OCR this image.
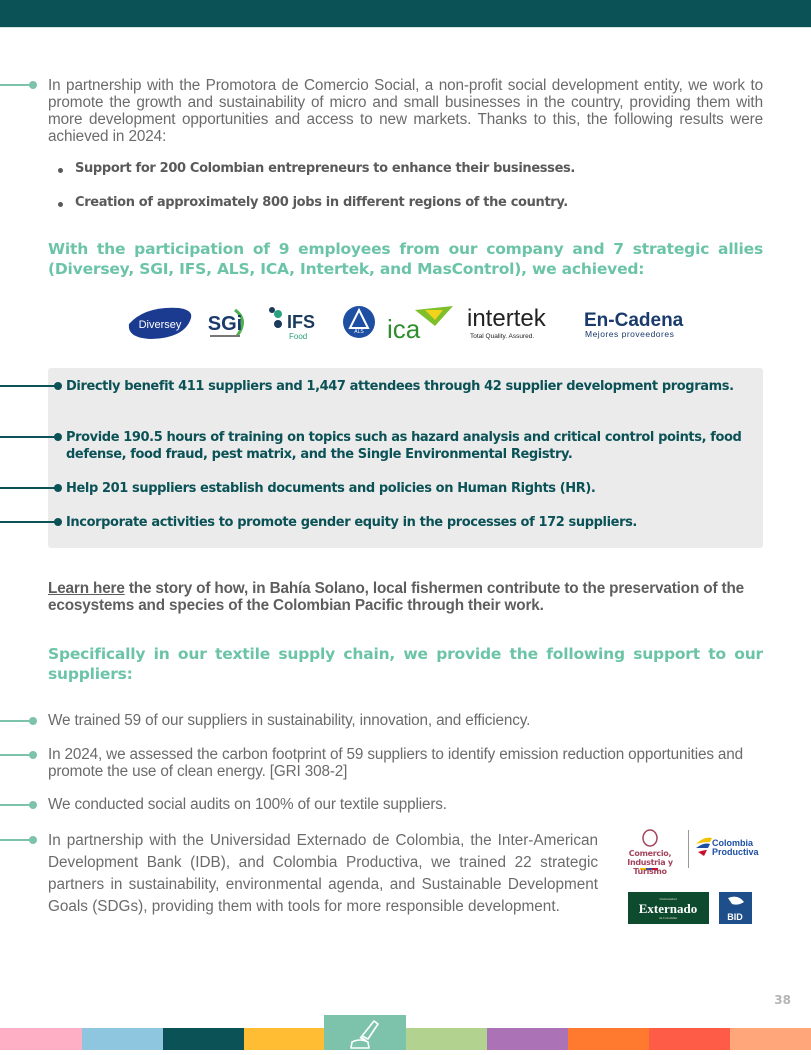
In partnership with the Promotora de Comercio Social, a non-profit social development entity, we work to promote the growth and sustainability of micro and small businesses in the country, providing them with more development opportunities and access to new markets. Thanks to this, the following results were achieved in 2024:
Support for 200 Colombian entrepreneurs to enhance their businesses.
Creation of approximately 800 jobs in different regions of the country.
With the participation of 9 employees from our company and 7 strategic allies (Diversey, SGI, IFS, ALS, ICA, Intertek, and MasControl), we achieved:
Diversey SGi IFS
Food	ALS ica intertek
Total Quality. Assured.
En-Cadena
Mejores proveedores
Directly benefit 411 suppliers and 1,447 attendees through 42 supplier development programs.
Provide 190.5 hours of training on topics such as hazard analysis and critical control points, food defense, food fraud, pest matrix, and the Single Environmental Registry.
Help 201 suppliers establish documents and policies on Human Rights (HR).
Incorporate activities to promote gender equity in the processes of 172 suppliers.
Learn here the story of how, in Bahía Solano, local fishermen contribute to the preservation of the ecosystems and species of the Colombian Pacific through their work.
Specifically in our textile supply chain, we provide the following support to our suppliers:
We trained 59 of our suppliers in sustainability, innovation, and efficiency.
In 2024, we assessed the carbon footprint of 59 suppliers to identify emission reduction opportunities and promote the use of clean energy. [GRI 308-2]
We conducted social audits on 100% of our textile suppliers.
In partnership with the Universidad Externado de Colombia, the Inter-American Development Bank (IDB), and Colombia Productiva, we trained 22 strategic partners in sustainability, environmental agenda, and Sustainable Development Goals (SDGs), providing them with tools for more responsible development.
Colombia
Productiva
Universidad
Externado
de Colombia	BID
Comercio, Industria y Turismo
38
